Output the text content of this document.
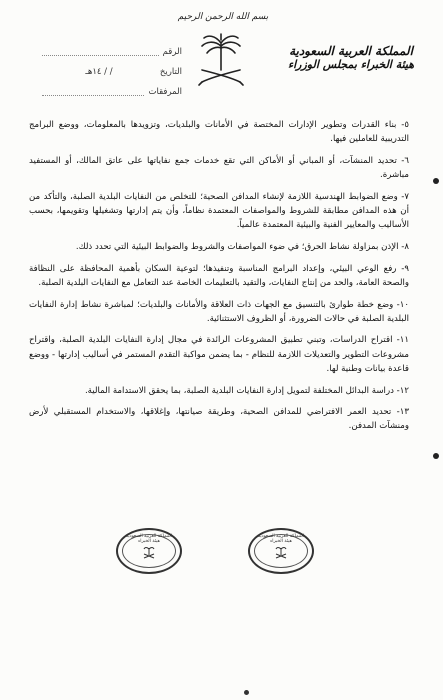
بسم الله الرحمن الرحيم
المملكة العربية السعودية
هيئة الخبراء بمجلس الوزراء
الرقم
التاريخ
/ / ١٤هـ
المرفقات

٥- بناء القدرات وتطوير الإدارات المختصة في الأمانات والبلديات، وتزويدها بالمعلومات، ووضع البرامج التدريبية للعاملين فيها.

٦- تحديد المنشآت، أو المباني أو الأماكن التي تقع خدمات جمع نفاياتها على عاتق المالك، أو المستفيد مباشرة.

٧- وضع الضوابط الهندسية اللازمة لإنشاء المدافن الصحية؛ للتخلص من النفايات البلدية الصلبة، والتأكد من أن هذه المدافن مطابقة للشروط والمواصفات المعتمدة نظاماً، وأن يتم إدارتها وتشغيلها وتقويمها، بحسب الأساليب والمعايير الفنية والبيئية المعتمدة عالمياً.

٨- الإذن بمزاولة نشاط الحرق؛ في ضوء المواصفات والشروط والضوابط البيئية التي تحدد ذلك.

٩- رفع الوعي البيئي، وإعداد البرامج المناسبة وتنفيذها؛ لتوعية السكان بأهمية المحافظة على النظافة والصحة العامة، والحد من إنتاج النفايات، والتقيد بالتعليمات الخاصة عند التعامل مع النفايات البلدية الصلبة.

١٠- وضع خطة طوارئ بالتنسيق مع الجهات ذات العلاقة والأمانات والبلديات؛ لمباشرة نشاط إدارة النفايات البلدية الصلبة في حالات الضرورة، أو الظروف الاستثنائية.

١١- اقتراح الدراسات، وتبني تطبيق المشروعات الرائدة في مجال إدارة النفايات البلدية الصلبة، واقتراح مشروعات التطوير والتعديلات اللازمة للنظام - بما يضمن مواكبة التقدم المستمر في أساليب إدارتها - ووضع قاعدة بيانات وطنية لها.

١٢- دراسة البدائل المختلفة لتمويل إدارة النفايات البلدية الصلبة، بما يحقق الاستدامة المالية.

١٣- تحديد العمر الافتراضي للمدافن الصحية، وطريقة صيانتها، وإغلاقها، والاستخدام المستقبلي لأرض ومنشآت المدفن.

المملكة العربية السعودية هيئة الخبراء
المملكة العربية السعودية هيئة الخبراء
